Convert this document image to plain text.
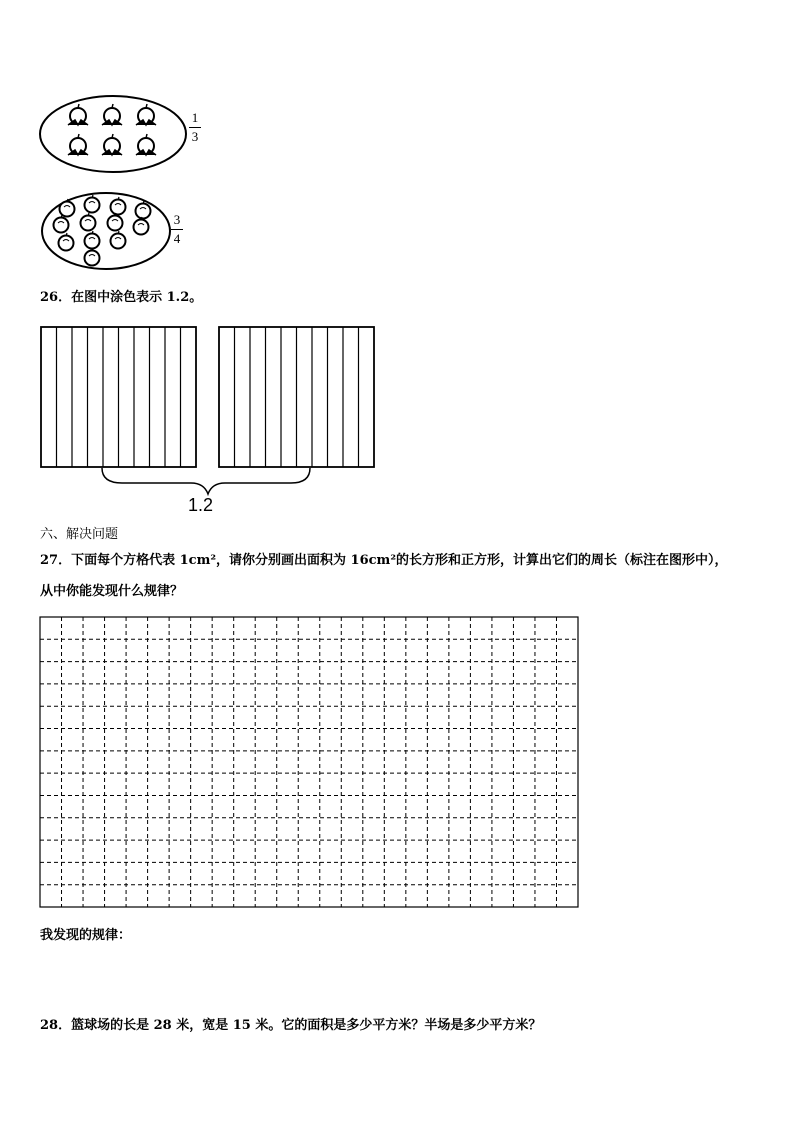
1
3
3
4
26．在图中涂色表示 1.2。
1.2
六、解决问题
27．下面每个方格代表 1cm²，请你分别画出面积为 16cm²的长方形和正方形，计算出它们的周长（标注在图形中），
从中你能发现什么规律？
我发现的规律：
28．篮球场的长是 28 米，宽是 15 米。它的面积是多少平方米？半场是多少平方米？
